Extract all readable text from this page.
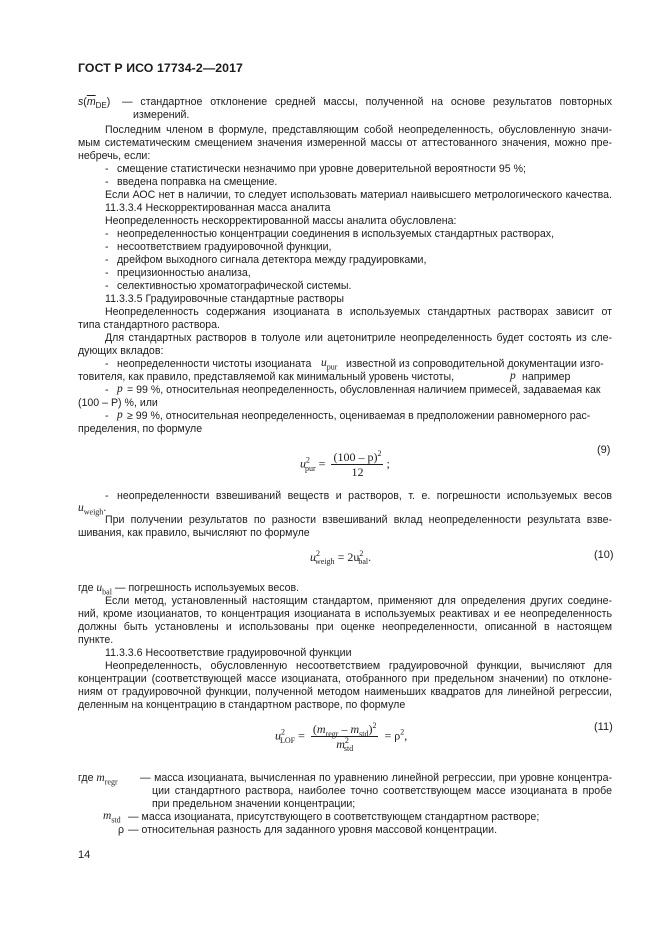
ГОСТ Р ИСО 17734-2—2017
$s(\overline{m}_{DE})$ — стандартное отклонение средней массы, полученной на основе результатов повторных
измерений.
Последним членом в формуле, представляющим собой неопределенность, обусловленную значи-
мым систематическим смещением значения измеренной массы от аттестованного значения, можно пре-
небречь, если:
- смещение статистически незначимо при уровне доверительной вероятности 95 %;
- введена поправка на смещение.
Если АОС нет в наличии, то следует использовать материал наивысшего метрологического качества.
11.3.3.4 Нескорректированная масса аналита
Неопределенность нескорректированной массы аналита обусловлена:
- неопределенностью концентрации соединения в используемых стандартных растворах,
- несоответствием градуировочной функции,
- дрейфом выходного сигнала детектора между градуировками,
- прецизионностью анализа,
- селективностью хроматографической системы.
11.3.3.5 Градуировочные стандартные растворы
Неопределенность содержания изоцианата в используемых стандартных растворах зависит от
типа стандартного раствора.
Для стандартных растворов в толуоле или ацетонитриле неопределенность будет состоять из сле-
дующих вкладов:
- неопределенности чистоты изоцианата $u_{pur}$ известной из сопроводительной документации изго-
товителя, как правило, представляемой как минимальный уровень чистоты,	p например
- p = 99 %, относительная неопределенность, обусловленная наличием примесей, задаваемая как
(100 – P) %, или
- p ≥ 99 %, относительная неопределенность, оцениваемая в предположении равномерного рас-
пределения, по формуле
$u^2_{pur} = \frac{(100 - p)^2}{12}$ ;
(9)
- неопределенности взвешиваний веществ и растворов, т. е. погрешности используемых весов
$u_{weigh}$.
При получении результатов по разности взвешиваний вклад неопределенности результата взве-
шивания, как правило, вычисляют по формуле
$u^2_{weigh} = 2u^2_{bal}$.	(10)
где $u_{bal}$ — погрешность используемых весов.
Если метод, установленный настоящим стандартом, применяют для определения других соедине-
ний, кроме изоцианатов, то концентрация изоцианата в используемых реактивах и ее неопределенность
должны быть установлены и использованы при оценке неопределенности, описанной в настоящем
пункте.
11.3.3.6 Несоответствие градуировочной функции
Неопределенность, обусловленную несоответствием градуировочной функции, вычисляют для
концентрации (соответствующей массе изоцианата, отобранного при предельном значении) по отклоне-
ниям от градуировочной функции, полученной методом наименьших квадратов для линейной регрессии,
деленным на концентрацию в стандартном растворе, по формуле
$u^2_{LOF} = \frac{(m_{regr} - m_{std})^2}{m^2_{std}} = \rho^2$,
(11)
где $m_{regr}$ — масса изоцианата, вычисленная по уравнению линейной регрессии, при уровне концентра-
ции стандартного раствора, наиболее точно соответствующем массе изоцианата в пробе
при предельном значении концентрации;
$m_{std}$ — масса изоцианата, присутствующего в соответствующем стандартном растворе;
ρ — относительная разность для заданного уровня массовой концентрации.
14
